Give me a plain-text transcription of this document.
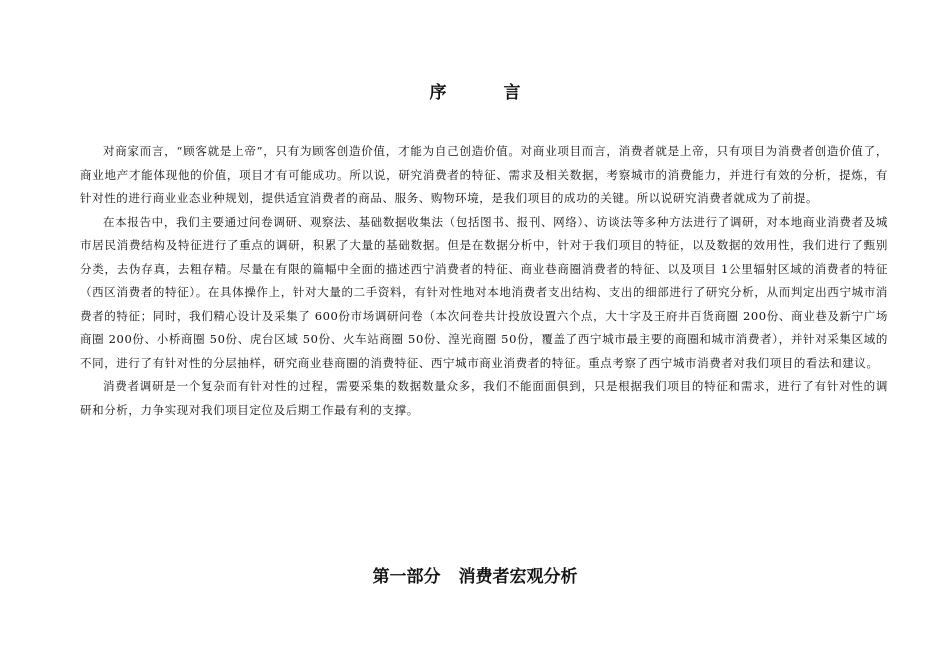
序　言

对商家而言，“顾客就是上帝”，只有为顾客创造价值，才能为自己创造价值。对商业项目而言，消费者就是上帝，只有项目为消费者创造价值了，商业地产才能体现他的价值，项目才有可能成功。所以说，研究消费者的特征、需求及相关数据，考察城市的消费能力，并进行有效的分析，提炼，有针对性的进行商业业态业种规划，提供适宜消费者的商品、服务、购物环境，是我们项目的成功的关键。所以说研究消费者就成为了前提。

在本报告中，我们主要通过问卷调研、观察法、基础数据收集法（包括图书、报刊、网络）、访谈法等多种方法进行了调研，对本地商业消费者及城市居民消费结构及特征进行了重点的调研，积累了大量的基础数据。但是在数据分析中，针对于我们项目的特征，以及数据的效用性，我们进行了甄别分类，去伪存真，去粗存精。尽量在有限的篇幅中全面的描述西宁消费者的特征、商业巷商圈消费者的特征、以及项目 1公里辐射区域的消费者的特征（西区消费者的特征）。在具体操作上，针对大量的二手资料，有针对性地对本地消费者支出结构、支出的细部进行了研究分析，从而判定出西宁城市消费者的特征；同时，我们精心设计及采集了 600份市场调研问卷（本次问卷共计投放设置六个点，大十字及王府井百货商圈 200份、商业巷及新宁广场商圈 200份、小桥商圈 50份、虎台区域 50份、火车站商圈 50份、湟光商圈 50份，覆盖了西宁城市最主要的商圈和城市消费者），并针对采集区域的不同，进行了有针对性的分层抽样，研究商业巷商圈的消费特征、西宁城市商业消费者的特征。重点考察了西宁城市消费者对我们项目的看法和建议。

消费者调研是一个复杂而有针对性的过程，需要采集的数据数量众多，我们不能面面俱到，只是根据我们项目的特征和需求，进行了有针对性的调研和分析，力争实现对我们项目定位及后期工作最有利的支撑。

第一部分 消费者宏观分析
